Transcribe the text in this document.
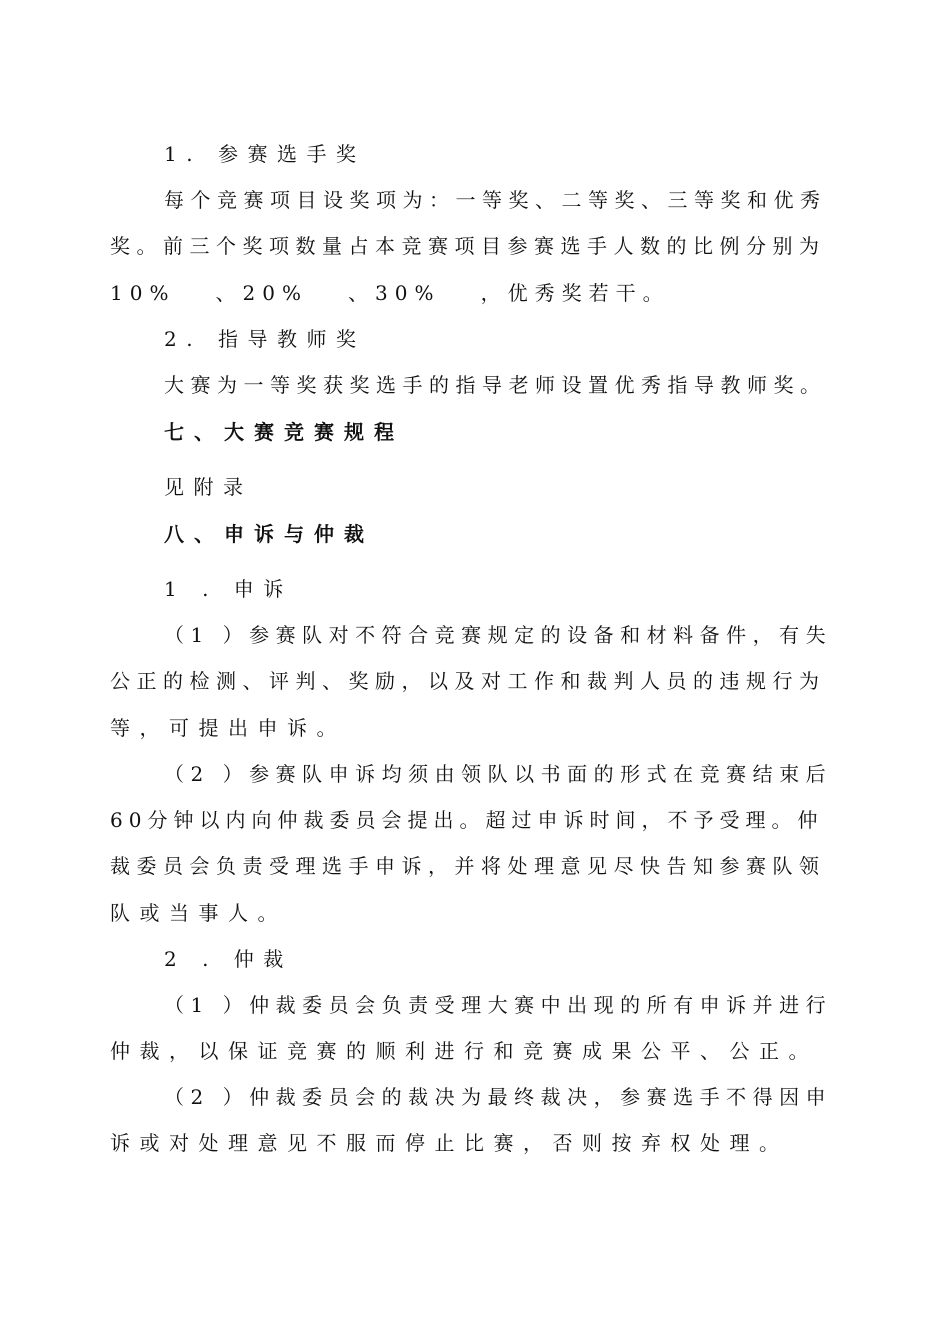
1. 参赛选手奖
每个竞赛项目设奖项为：一等奖、二等奖、三等奖和优秀
奖。前三个奖项数量占本竞赛项目参赛选手人数的比例分别为
10%   、20%   、30%   ，优秀奖若干。
2. 指导教师奖
大赛为一等奖获奖选手的指导老师设置优秀指导教师奖。
七、大赛竞赛规程
见附录
八、申诉与仲裁
1 . 申诉
（1 ）参赛队对不符合竞赛规定的设备和材料备件，有失
公正的检测、评判、奖励，以及对工作和裁判人员的违规行为
等，可提出申诉。
（2 ）参赛队申诉均须由领队以书面的形式在竞赛结束后
60分钟以内向仲裁委员会提出。超过申诉时间，不予受理。仲
裁委员会负责受理选手申诉，并将处理意见尽快告知参赛队领
队或当事人。
2 . 仲裁
（1 ）仲裁委员会负责受理大赛中出现的所有申诉并进行
仲裁，以保证竞赛的顺利进行和竞赛成果公平、公正。
（2 ）仲裁委员会的裁决为最终裁决，参赛选手不得因申
诉或对处理意见不服而停止比赛，否则按弃权处理。
